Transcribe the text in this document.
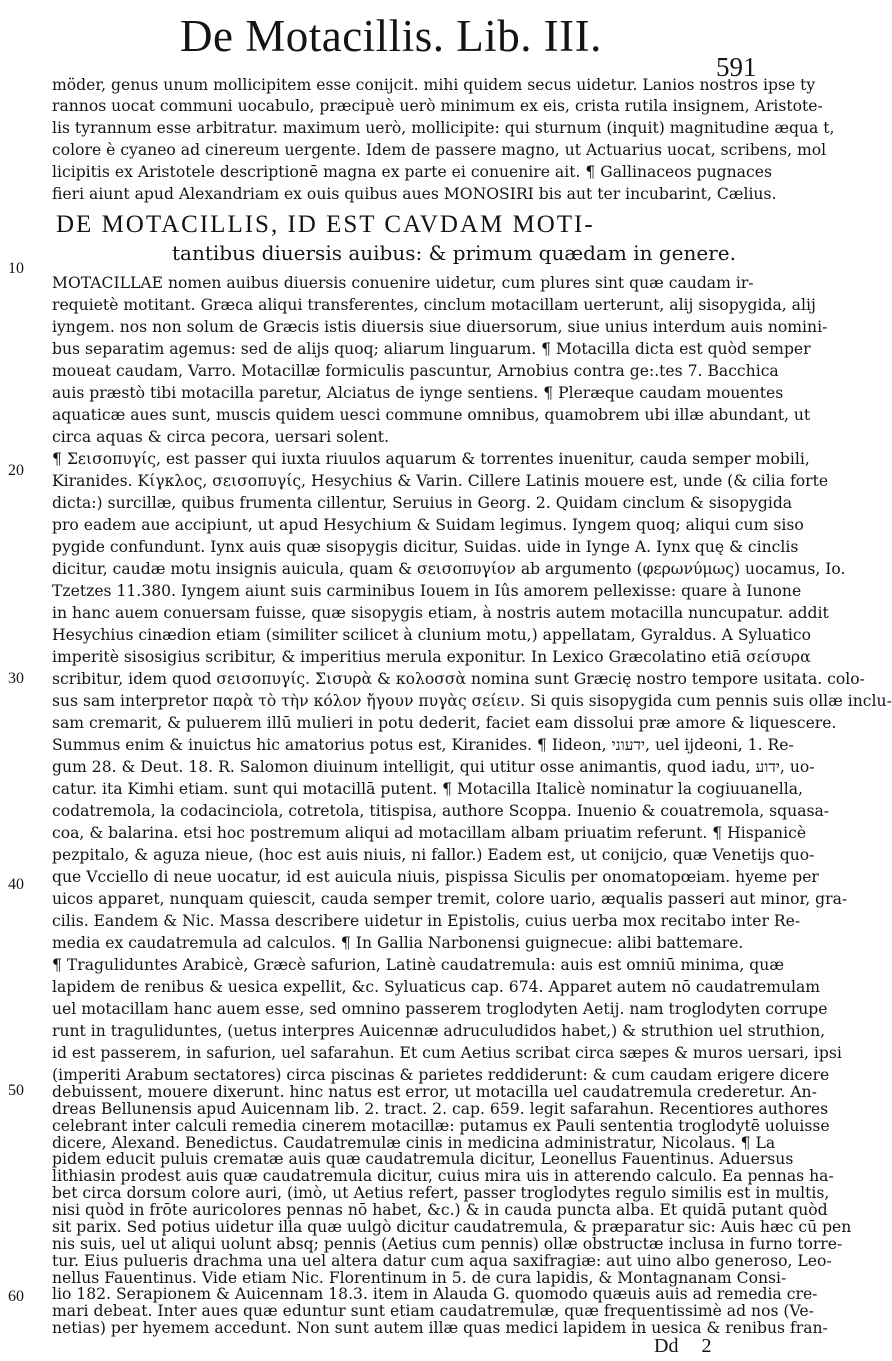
De Motacillis. Lib. III.
591
möder, genus unum mollicipitem esse conijcit. mihi quidem secus uidetur. Lanios nostros ipse ty
rannos uocat communi uocabulo, præcipuè uerò minimum ex eis, crista rutila insignem, Aristote-
lis tyrannum esse arbitratur. maximum uerò, mollicipite: qui sturnum (inquit) magnitudine æqua t,
colore è cyaneo ad cinereum uergente. Idem de passere magno, ut Actuarius uocat, scribens, mol
licipitis ex Aristotele descriptionē magna ex parte ei conuenire ait. ¶ Gallinaceos pugnaces
fieri aiunt apud Alexandriam ex ouis quibus aues MONOSIRI bis aut ter incubarint, Cælius.
DE MOTACILLIS, ID EST CAVDAM MOTI-
tantibus diuersis auibus: & primum quædam in genere.
MOTACILLAE nomen auibus diuersis conuenire uidetur, cum plures sint quæ caudam ir-
requietè motitant. Græca aliqui transferentes, cinclum motacillam uerterunt, alij sisopygida, alij
iyngem. nos non solum de Græcis istis diuersis siue diuersorum, siue unius interdum auis nomini-
bus separatim agemus: sed de alijs quoq; aliarum linguarum. ¶ Motacilla dicta est quòd semper
moueat caudam, Varro. Motacillæ formiculis pascuntur, Arnobius contra ge:.tes 7. Bacchica
auis præstò tibi motacilla paretur, Alciatus de iynge sentiens. ¶ Pleræque caudam mouentes
aquaticæ aues sunt, muscis quidem uesci commune omnibus, quamobrem ubi illæ abundant, ut
circa aquas & circa pecora, uersari solent.
¶ Σεισοπυγίς, est passer qui iuxta riuulos aquarum & torrentes inuenitur, cauda semper mobili,
Kiranides. Κίγκλος, σεισοπυγίς, Hesychius & Varin. Cillere Latinis mouere est, unde (& cilia forte
dicta:) surcillæ, quibus frumenta cillentur, Seruius in Georg. 2. Quidam cinclum & sisopygida
pro eadem aue accipiunt, ut apud Hesychium & Suidam legimus. Iyngem quoq; aliqui cum siso
pygide confundunt. Iynx auis quæ sisopygis dicitur, Suidas. uide in Iynge A. Iynx quę & cinclis
dicitur, caudæ motu insignis auicula, quam & σεισοπυγίον ab argumento (φερωνύμως) uocamus, Io.
Tzetzes 11.380. Iyngem aiunt suis carminibus Iouem in Iûs amorem pellexisse: quare à Iunone
in hanc auem conuersam fuisse, quæ sisopygis etiam, à nostris autem motacilla nuncupatur. addit
Hesychius cinædion etiam (similiter scilicet à clunium motu,) appellatam, Gyraldus. A Syluatico
imperitè sisosigius scribitur, & imperitius merula exponitur. In Lexico Græcolatino etiā σείσυρα
scribitur, idem quod σεισοπυγίς. Σισυρὰ & κολοσσὰ nomina sunt Græcię nostro tempore usitata. colo-
sus sam interpretor παρὰ τὸ τὴν κόλον ἤγουν πυγὰς σείειν. Si quis sisopygida cum pennis suis ollæ inclu-
sam cremarit, & puluerem illū mulieri in potu dederit, faciet eam dissolui præ amore & liquescere.
Summus enim & inuictus hic amatorius potus est, Kiranides. ¶ Iideon, ידעוני, uel ijdeoni, 1. Re-
gum 28. & Deut. 18. R. Salomon diuinum intelligit, qui utitur osse animantis, quod iadu, ידוע, uo-
catur. ita Kimhi etiam. sunt qui motacillā putent. ¶ Motacilla Italicè nominatur la cogiuuanella,
codatremola, la codacinciola, cotretola, titispisa, authore Scoppa. Inuenio & couatremola, squasa-
coa, & balarina. etsi hoc postremum aliqui ad motacillam albam priuatim referunt. ¶ Hispanicè
pezpitalo, & aguza nieue, (hoc est auis niuis, ni fallor.) Eadem est, ut conijcio, quæ Venetijs quo-
que Vcciello di neue uocatur, id est auicula niuis, pispissa Siculis per onomatopœiam. hyeme per
uicos apparet, nunquam quiescit, cauda semper tremit, colore uario, æqualis passeri aut minor, gra-
cilis. Eandem & Nic. Massa describere uidetur in Epistolis, cuius uerba mox recitabo inter Re-
media ex caudatremula ad calculos. ¶ In Gallia Narbonensi guignecue: alibi battemare.
¶ Traguliduntes Arabicè, Græcè safurion, Latinè caudatremula: auis est omniū minima, quæ
lapidem de renibus & uesica expellit, &c. Syluaticus cap. 674. Apparet autem nō caudatremulam
uel motacillam hanc auem esse, sed omnino passerem troglodyten Aetij. nam troglodyten corrupe
runt in traguliduntes, (uetus interpres Auicennæ adruculudidos habet,) & struthion uel struthion,
id est passerem, in safurion, uel safarahun. Et cum Aetius scribat circa sæpes & muros uersari, ipsi
(imperiti Arabum sectatores) circa piscinas & parietes reddiderunt: & cum caudam erigere dicere
debuissent, mouere dixerunt. hinc natus est error, ut motacilla uel caudatremula crederetur. An-
dreas Bellunensis apud Auicennam lib. 2. tract. 2. cap. 659. legit safarahun. Recentiores authores
celebrant inter calculi remedia cinerem motacillæ: putamus ex Pauli sententia troglodytē uoluisse
dicere, Alexand. Benedictus. Caudatremulæ cinis in medicina administratur, Nicolaus. ¶ La
pidem educit puluis crematæ auis quæ caudatremula dicitur, Leonellus Fauentinus. Aduersus
lithiasin prodest auis quæ caudatremula dicitur, cuius mira uis in atterendo calculo. Ea pennas ha-
bet circa dorsum colore auri, (imò, ut Aetius refert, passer troglodytes regulo similis est in multis,
nisi quòd in frōte auricolores pennas nō habet, &c.) & in cauda puncta alba. Et quidā putant quòd
sit parix. Sed potius uidetur illa quæ uulgò dicitur caudatremula, & præparatur sic: Auis hæc cū pen
nis suis, uel ut aliqui uolunt absq; pennis (Aetius cum pennis) ollæ obstructæ inclusa in furno torre-
tur. Eius pulueris drachma una uel altera datur cum aqua saxifragiæ: aut uino albo generoso, Leo-
nellus Fauentinus. Vide etiam Nic. Florentinum in 5. de cura lapidis, & Montagnanam Consi-
lio 182. Serapionem & Auicennam 18.3. item in Alauda G. quomodo quæuis auis ad remedia cre-
mari debeat. Inter aues quæ eduntur sunt etiam caudatremulæ, quæ frequentissimè ad nos (Ve-
netias) per hyemem accedunt. Non sunt autem illæ quas medici lapidem in uesica & renibus fran-
10
20
30
40
50
60
Dd 2
